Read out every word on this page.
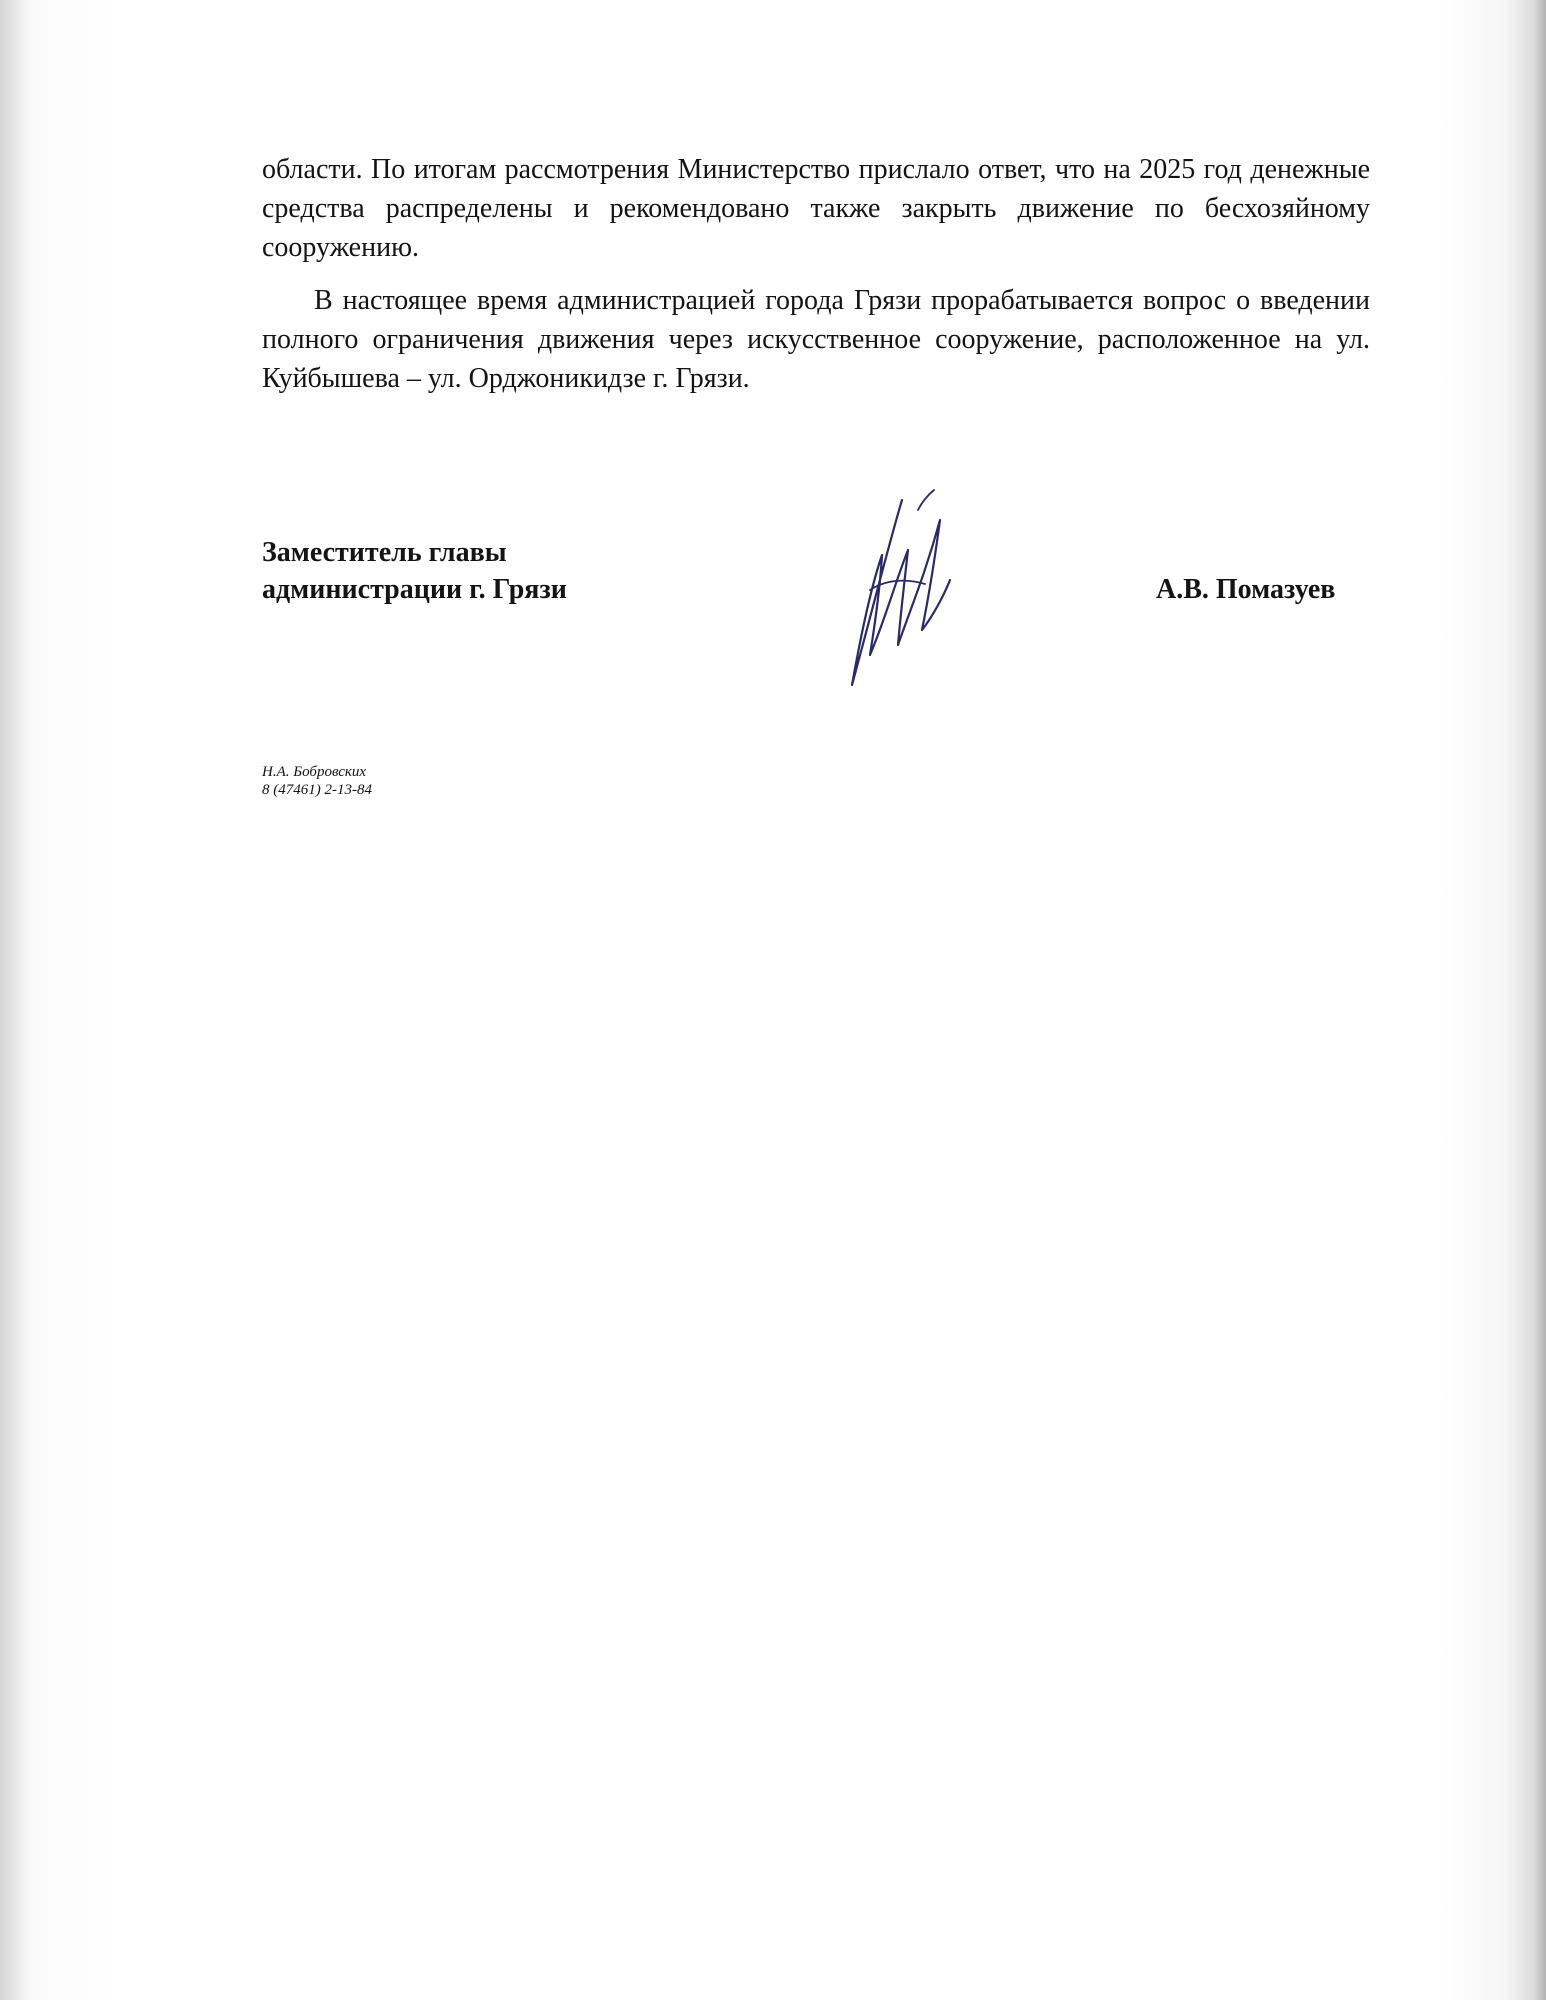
области. По итогам рассмотрения Министерство прислало ответ, что на 2025 год денежные средства распределены и рекомендовано также закрыть движение по бесхозяйному сооружению.

В настоящее время администрацией города Грязи прорабатывается вопрос о введении полного ограничения движения через искусственное сооружение, расположенное на ул. Куйбышева – ул. Орджоникидзе г. Грязи.

Заместитель главы
администрации г. Грязи	А.В. Помазуев
Н.А. Бобровских
8 (47461) 2-13-84
